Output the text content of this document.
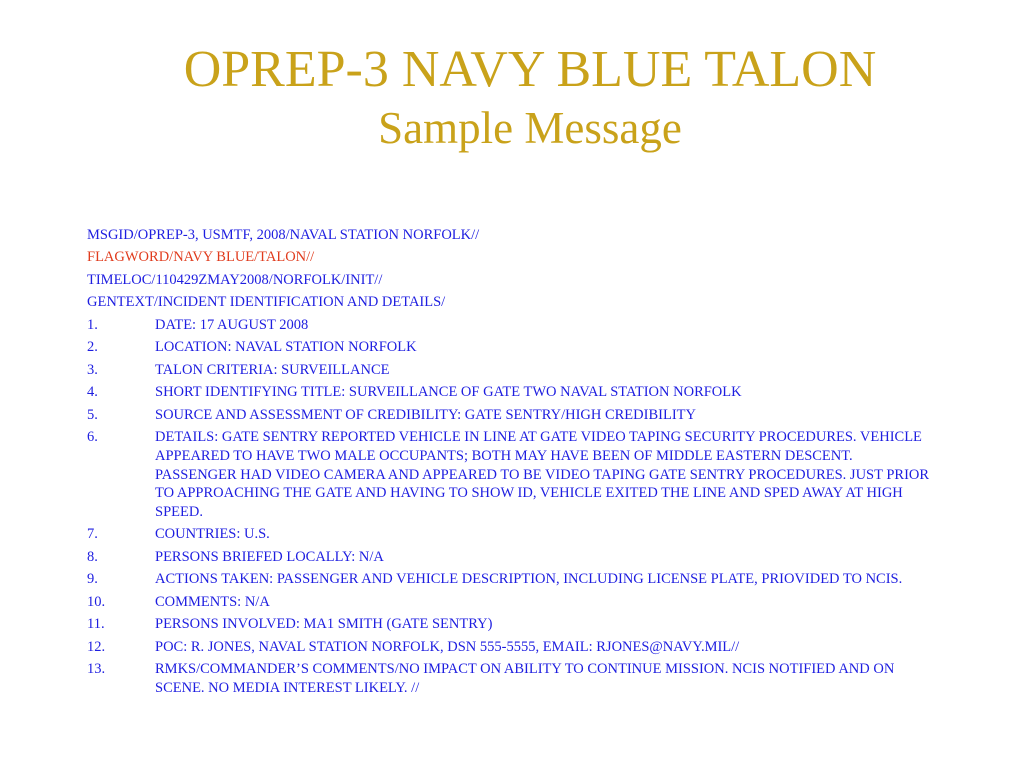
OPREP-3 NAVY BLUE TALON
Sample Message

MSGID/OPREP-3, USMTF, 2008/NAVAL STATION NORFOLK//

FLAGWORD/NAVY BLUE/TALON//

TIMELOC/110429ZMAY2008/NORFOLK/INIT//

GENTEXT/INCIDENT IDENTIFICATION AND DETAILS/

1.	DATE: 17 AUGUST 2008
2.	LOCATION: NAVAL STATION NORFOLK
3.	TALON CRITERIA: SURVEILLANCE
4.	SHORT IDENTIFYING TITLE: SURVEILLANCE OF GATE TWO NAVAL STATION NORFOLK
5.	SOURCE AND ASSESSMENT OF CREDIBILITY: GATE SENTRY/HIGH CREDIBILITY
6.	DETAILS: GATE SENTRY REPORTED VEHICLE IN LINE AT GATE VIDEO TAPING SECURITY PROCEDURES. VEHICLE APPEARED TO HAVE TWO MALE OCCUPANTS; BOTH MAY HAVE BEEN OF MIDDLE EASTERN DESCENT. PASSENGER HAD VIDEO CAMERA AND APPEARED TO BE VIDEO TAPING GATE SENTRY PROCEDURES. JUST PRIOR TO APPROACHING THE GATE AND HAVING TO SHOW ID, VEHICLE EXITED THE LINE AND SPED AWAY AT HIGH SPEED.
7.	COUNTRIES: U.S.
8.	PERSONS BRIEFED LOCALLY: N/A
9.	ACTIONS TAKEN: PASSENGER AND VEHICLE DESCRIPTION, INCLUDING LICENSE PLATE, PRIOVIDED TO NCIS.
10.	COMMENTS: N/A
11.	PERSONS INVOLVED: MA1 SMITH (GATE SENTRY)
12.	POC: R. JONES, NAVAL STATION NORFOLK, DSN 555-5555, EMAIL: RJONES@NAVY.MIL//
13.	RMKS/COMMANDER’S COMMENTS/NO IMPACT ON ABILITY TO CONTINUE MISSION. NCIS NOTIFIED AND ON SCENE. NO MEDIA INTEREST LIKELY. //
